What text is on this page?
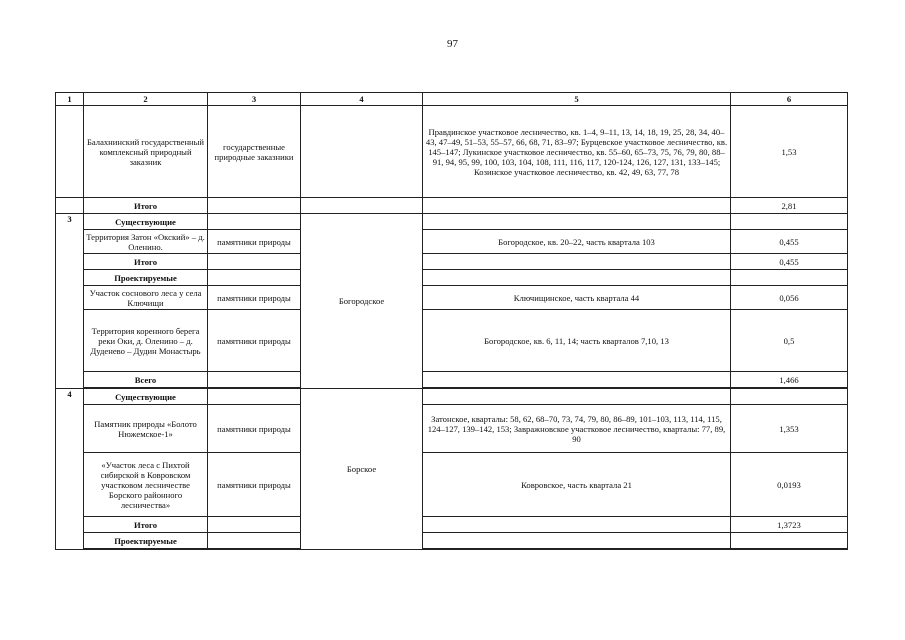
97
1	2	3	4	5	6
	Балахнинский государственный комплексный природный заказник	государственные природные заказники		Правдинское участковое лесничество, кв. 1–4, 9–11, 13, 14, 18, 19, 25, 28, 34, 40–43, 47–49, 51–53, 55–57, 66, 68, 71, 83–97; Бурцевское участковое лесничество, кв. 145–147; Лукинское участковое лесничество, кв. 55–60, 65–73, 75, 76, 79, 80, 88–91, 94, 95, 99, 100, 103, 104, 108, 111, 116, 117, 120-124, 126, 127, 131, 133–145; Козинское участковое лесничество, кв. 42, 49, 63, 77, 78	1,53
	Итого				2,81
3	Существующие		Богородское		
	Территория Затон «Окский» – д. Оленино.	памятники природы		Богородское, кв. 20–22, часть квартала 103	0,455
	Итого				0,455
	Проектируемые				
	Участок соснового леса у села Ключищи	памятники природы		Ключищинское, часть квартала 44	0,056
	Территория коренного берега реки Оки, д. Оленино – д. Дуденево – Дудин Монастырь	памятники природы		Богородское, кв. 6, 11, 14; часть кварталов 7,10, 13	0,5
	Всего				1,466

4	Существующие		Борское		
	Памятник природы «Болото Нюжемское-1»	памятники природы		Затонское, кварталы: 58, 62, 68–70, 73, 74, 79, 80, 86–89, 101–103, 113, 114, 115, 124–127, 139–142, 153; Завражновское участковое лесничество, кварталы: 77, 89, 90	1,353
	«Участок леса с Пихтой сибирской в Ковровском участковом лесничестве Борского районного лесничества»	памятники природы		Ковровское, часть квартала 21	0,0193
	Итого				1,3723
	Проектируемые				
